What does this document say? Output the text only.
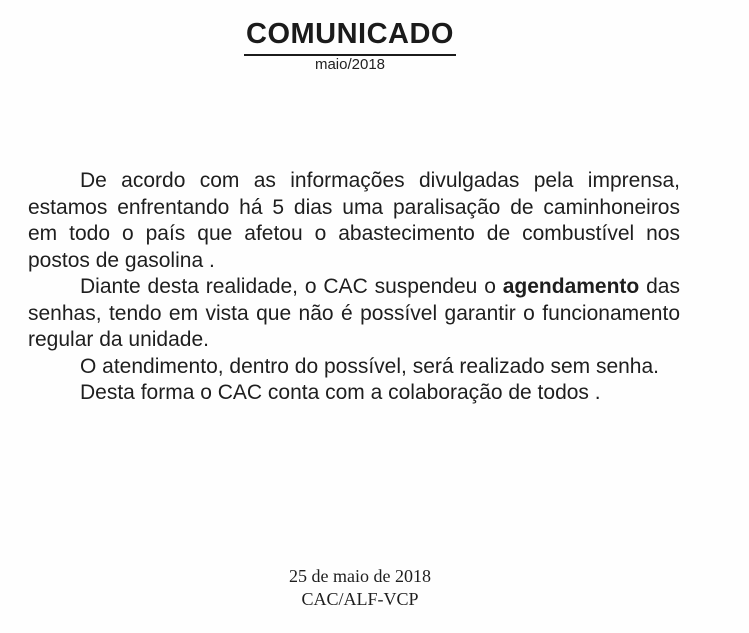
COMUNICADO
maio/2018

De acordo com as informações divulgadas pela imprensa, estamos enfrentando há 5 dias uma paralisação de caminhoneiros em todo o país que afetou o abastecimento de combustível nos postos de gasolina .

Diante desta realidade, o CAC suspendeu o agendamento das senhas, tendo em vista que não é possível garantir o funcionamento regular da unidade.

O atendimento, dentro do possível, será realizado sem senha.

Desta forma o CAC conta com a colaboração de todos .

25 de maio de 2018
CAC/ALF-VCP
